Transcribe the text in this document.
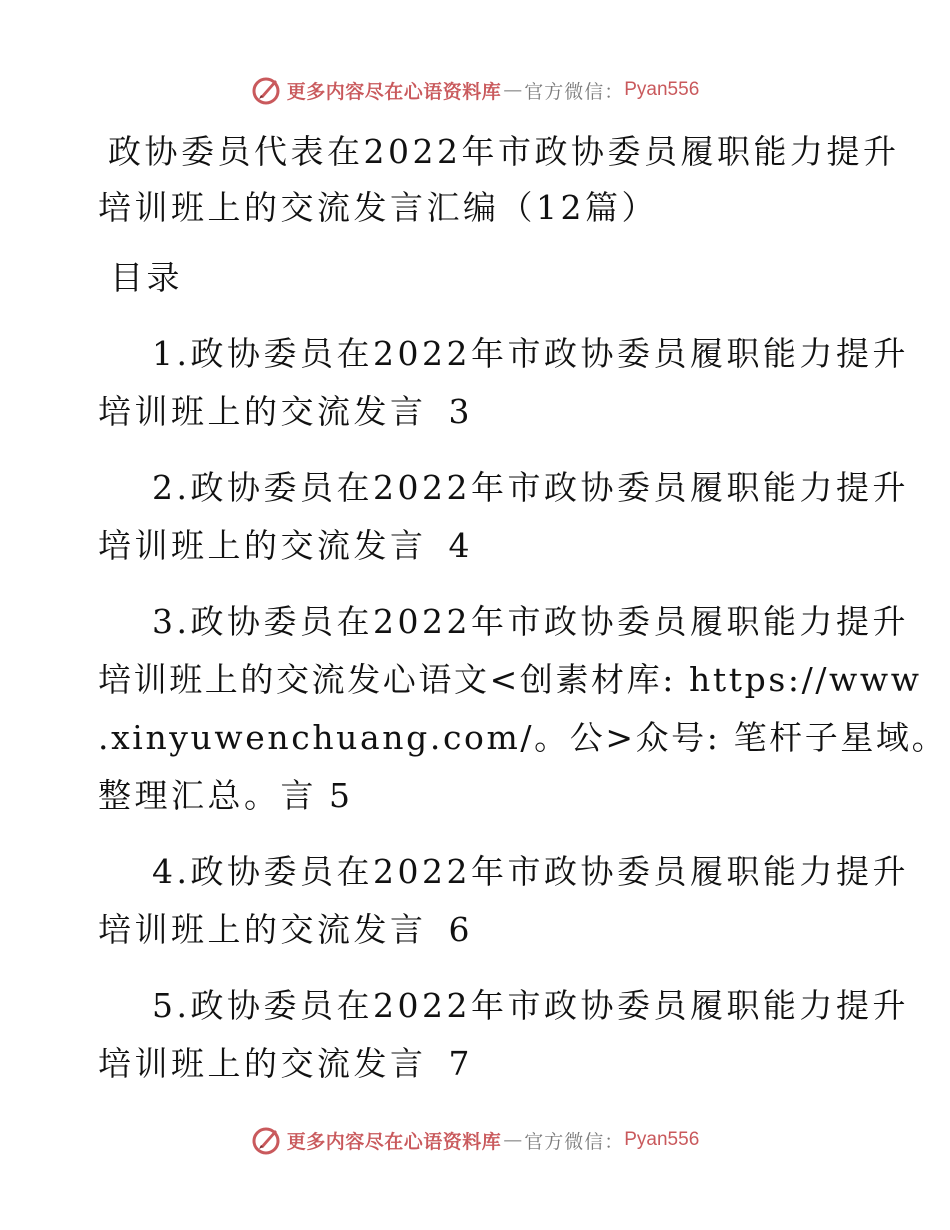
更多内容尽在心语资料库 — 官方微信： Pyan556
政协委员代表在2022年市政协委员履职能力提升
培训班上的交流发言汇编（12篇）
目录
1.政协委员在2022年市政协委员履职能力提升
培训班上的交流发言 3
2.政协委员在2022年市政协委员履职能力提升
培训班上的交流发言 4
3.政协委员在2022年市政协委员履职能力提升
培训班上的交流发心语文<创素材库: https://www
.xinyuwenchuang.com/。公>众号: 笔杆子星域。
整理汇总。言 5
4.政协委员在2022年市政协委员履职能力提升
培训班上的交流发言 6
5.政协委员在2022年市政协委员履职能力提升
培训班上的交流发言 7
更多内容尽在心语资料库 — 官方微信： Pyan556
